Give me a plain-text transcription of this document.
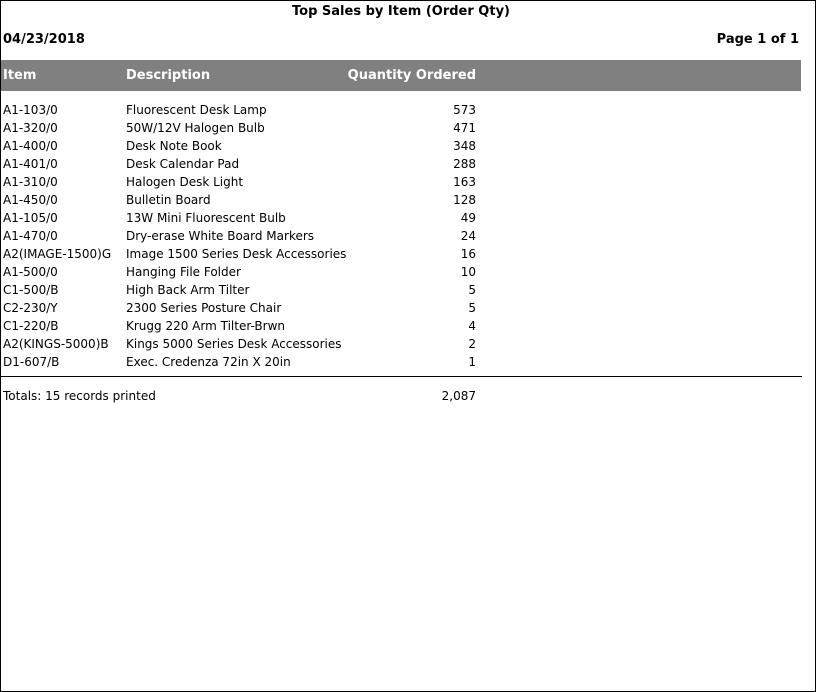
Top Sales by Item (Order Qty)
04/23/2018	Page 1 of 1
Item	Description	Quantity Ordered
A1-103/0	Fluorescent Desk Lamp	573
A1-320/0	50W/12V Halogen Bulb	471
A1-400/0	Desk Note Book	348
A1-401/0	Desk Calendar Pad	288
A1-310/0	Halogen Desk Light	163
A1-450/0	Bulletin Board	128
A1-105/0	13W Mini Fluorescent Bulb	49
A1-470/0	Dry-erase White Board Markers	24
A2(IMAGE-1500)G Image 1500 Series Desk Accessories	16
A1-500/0	Hanging File Folder	10
C1-500/B	High Back Arm Tilter	5
C2-230/Y	2300 Series Posture Chair	5
C1-220/B	Krugg 220 Arm Tilter-Brwn	4
A2(KINGS-5000)B Kings 5000 Series Desk Accessories	2
D1-607/B	Exec. Credenza 72in X 20in	1
Totals: 15 records printed	2,087
